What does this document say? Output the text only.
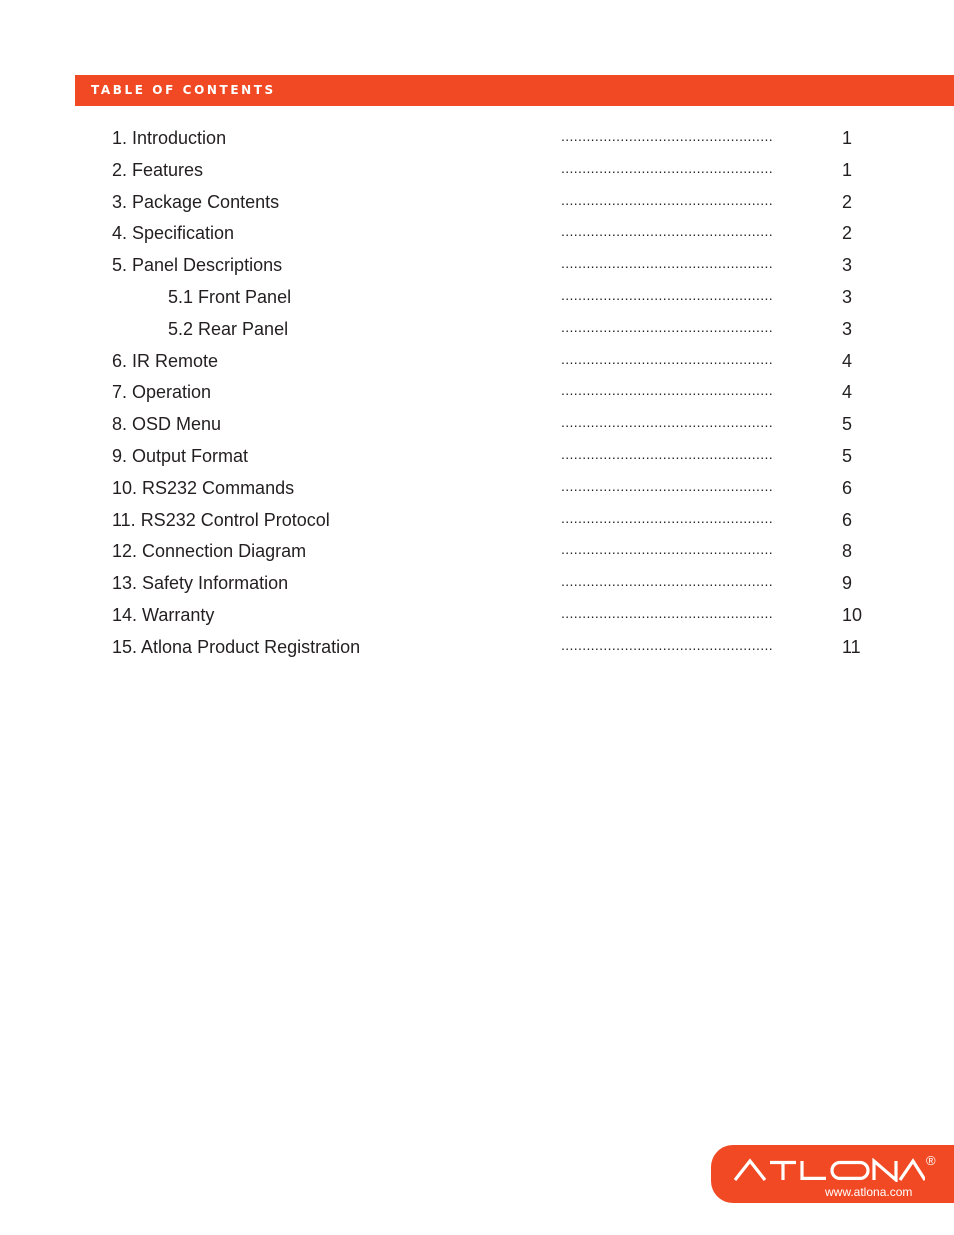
TABLE OF CONTENTS
1. Introduction	..................................................	1
2. Features	..................................................	1
3. Package Contents	..................................................	2
4. Specification	..................................................	2
5. Panel Descriptions	..................................................	3
5.1 Front Panel	..................................................	3
5.2 Rear Panel	..................................................	3
6. IR Remote	..................................................	4
7. Operation	..................................................	4
8. OSD Menu	..................................................	5
9. Output Format	..................................................	5
10. RS232 Commands	..................................................	6
11. RS232 Control Protocol	..................................................	6
12. Connection Diagram	..................................................	8
13. Safety Information	..................................................	9
14. Warranty	..................................................	10
15. Atlona Product Registration	..................................................	11
®
www.atlona.com
